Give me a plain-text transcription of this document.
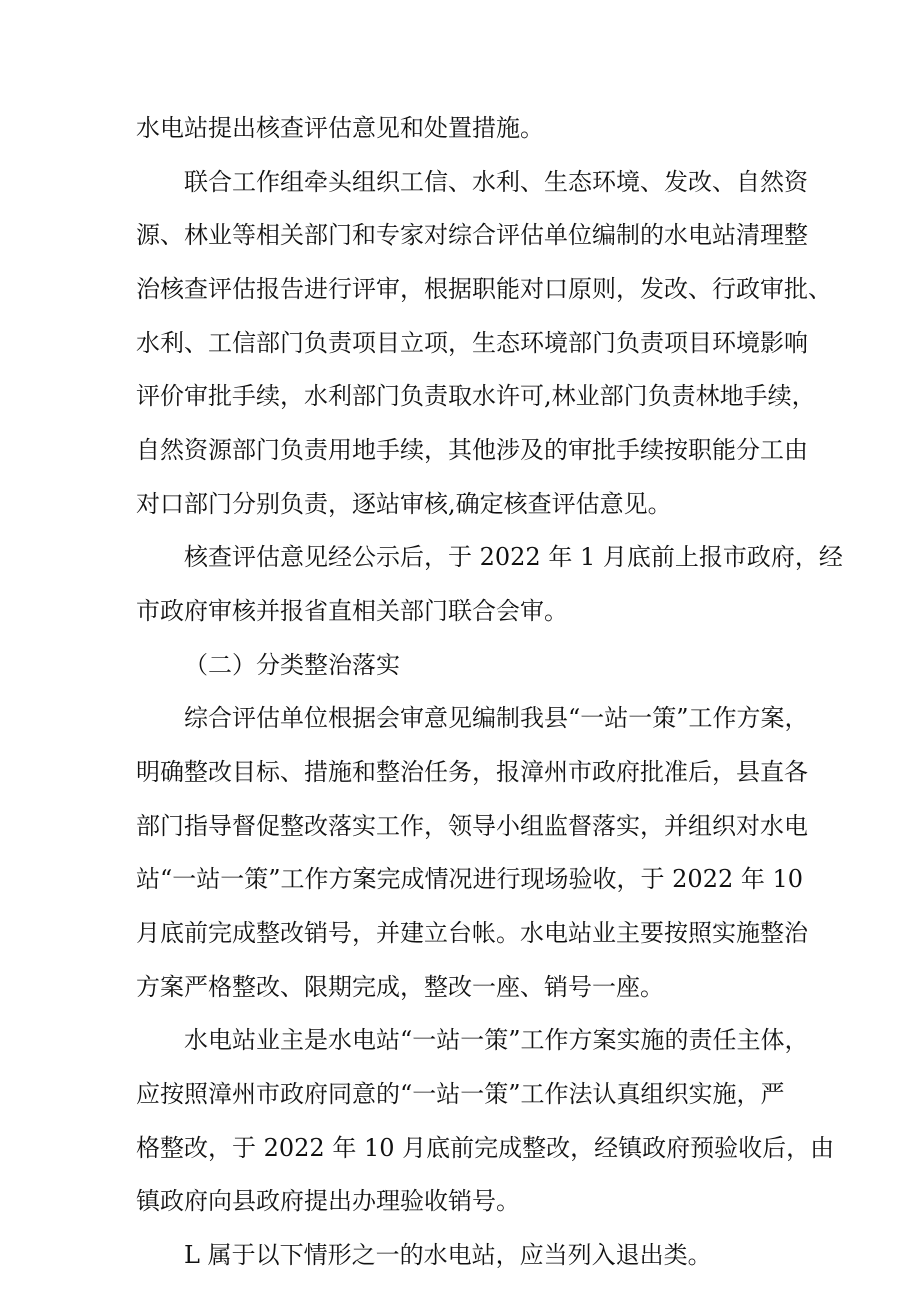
水电站提出核查评估意见和处置措施。
联合工作组牵头组织工信、水利、生态环境、发改、自然资
源、林业等相关部门和专家对综合评估单位编制的水电站清理整
治核查评估报告进行评审，根据职能对口原则，发改、行政审批、
水利、工信部门负责项目立项，生态环境部门负责项目环境影响
评价审批手续，水利部门负责取水许可,林业部门负责林地手续，
自然资源部门负责用地手续，其他涉及的审批手续按职能分工由
对口部门分别负责，逐站审核,确定核查评估意见。
核查评估意见经公示后，于 2022 年 1 月底前上报市政府，经
市政府审核并报省直相关部门联合会审。
（二）分类整治落实
综合评估单位根据会审意见编制我县“一站一策”工作方案，
明确整改目标、措施和整治任务，报漳州市政府批准后，县直各
部门指导督促整改落实工作，领导小组监督落实，并组织对水电
站“一站一策”工作方案完成情况进行现场验收，于 2022 年 10
月底前完成整改销号，并建立台帐。水电站业主要按照实施整治
方案严格整改、限期完成，整改一座、销号一座。
水电站业主是水电站“一站一策”工作方案实施的责任主体，
应按照漳州市政府同意的“一站一策”工作法认真组织实施，严
格整改，于 2022 年 10 月底前完成整改，经镇政府预验收后，由
镇政府向县政府提出办理验收销号。
L 属于以下情形之一的水电站，应当列入退出类。
